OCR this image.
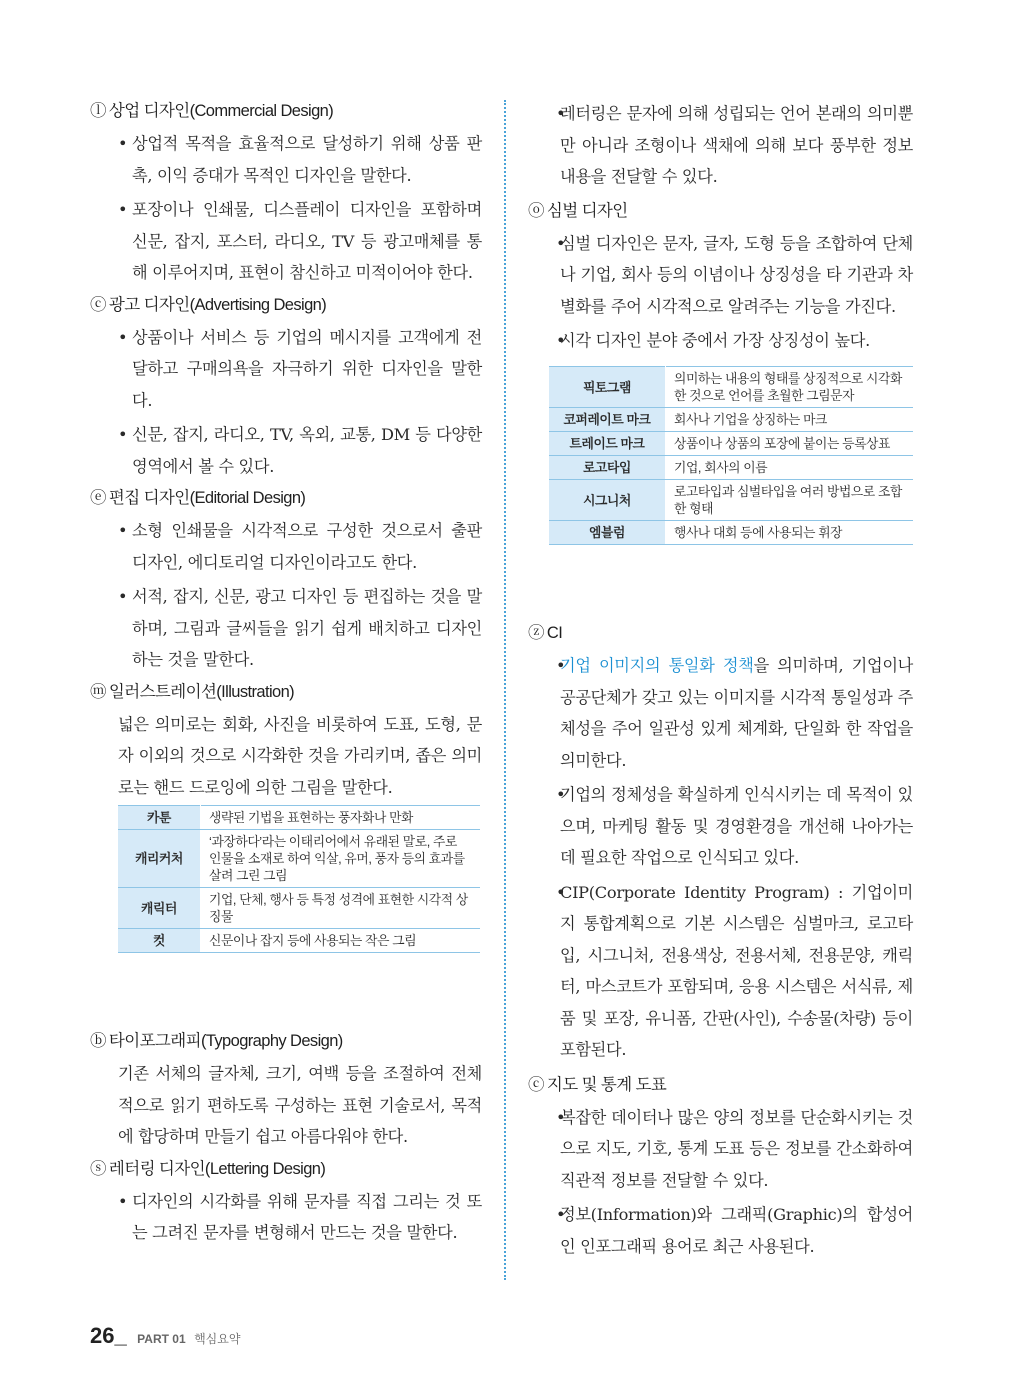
ⓛ 상업 디자인(Commercial Design)
• 상업적 목적을 효율적으로 달성하기 위해 상품 판촉, 이익 증대가 목적인 디자인을 말한다.
• 포장이나 인쇄물, 디스플레이 디자인을 포함하며 신문, 잡지, 포스터, 라디오, TV 등 광고매체를 통해 이루어지며, 표현이 참신하고 미적이어야 한다.
ⓒ 광고 디자인(Advertising Design)
• 상품이나 서비스 등 기업의 메시지를 고객에게 전달하고 구매의욕을 자극하기 위한 디자인을 말한다.
• 신문, 잡지, 라디오, TV, 옥외, 교통, DM 등 다양한 영역에서 볼 수 있다.
ⓔ 편집 디자인(Editorial Design)
• 소형 인쇄물을 시각적으로 구성한 것으로서 출판 디자인, 에디토리얼 디자인이라고도 한다.
• 서적, 잡지, 신문, 광고 디자인 등 편집하는 것을 말하며, 그림과 글씨들을 읽기 쉽게 배치하고 디자인하는 것을 말한다.
ⓜ 일러스트레이션(Illustration)

넓은 의미로는 회화, 사진을 비롯하여 도표, 도형, 문자 이외의 것으로 시각화한 것을 가리키며, 좁은 의미로는 핸드 드로잉에 의한 그림을 말한다.

카툰	생략된 기법을 표현하는 풍자화나 만화
캐리커처	‘과장하다’라는 이태리어에서 유래된 말로, 주로 인물을 소재로 하여 익살, 유머, 풍자 등의 효과를 살려 그린 그림
캐릭터	기업, 단체, 행사 등 특정 성격에 표현한 시각적 상징물
컷	신문이나 잡지 등에 사용되는 작은 그림
ⓑ 타이포그래피(Typography Design)

기존 서체의 글자체, 크기, 여백 등을 조절하여 전체적으로 읽기 편하도록 구성하는 표현 기술로서, 목적에 합당하며 만들기 쉽고 아름다워야 한다.

ⓢ 레터링 디자인(Lettering Design)
• 디자인의 시각화를 위해 문자를 직접 그리는 것 또는 그려진 문자를 변형해서 만드는 것을 말한다.
• 레터링은 문자에 의해 성립되는 언어 본래의 의미뿐만 아니라 조형이나 색채에 의해 보다 풍부한 정보 내용을 전달할 수 있다.
ⓞ 심벌 디자인
• 심벌 디자인은 문자, 글자, 도형 등을 조합하여 단체나 기업, 회사 등의 이념이나 상징성을 타 기관과 차별화를 주어 시각적으로 알려주는 기능을 가진다.
• 시각 디자인 분야 중에서 가장 상징성이 높다.
픽토그램	의미하는 내용의 형태를 상징적으로 시각화한 것으로 언어를 초월한 그림문자
코퍼레이트 마크	회사나 기업을 상징하는 마크
트레이드 마크	상품이나 상품의 포장에 붙이는 등록상표
로고타입	기업, 회사의 이름
시그니처	로고타입과 심벌타입을 여러 방법으로 조합한 형태
엠블럼	행사나 대회 등에 사용되는 휘장
ⓩ CI
• 기업 이미지의 통일화 정책을 의미하며, 기업이나 공공단체가 갖고 있는 이미지를 시각적 통일성과 주체성을 주어 일관성 있게 체계화, 단일화 한 작업을 의미한다.
• 기업의 정체성을 확실하게 인식시키는 데 목적이 있으며, 마케팅 활동 및 경영환경을 개선해 나아가는 데 필요한 작업으로 인식되고 있다.
• CIP(Corporate Identity Program) : 기업이미지 통합계획으로 기본 시스템은 심벌마크, 로고타입, 시그니처, 전용색상, 전용서체, 전용문양, 캐릭터, 마스코트가 포함되며, 응용 시스템은 서식류, 제품 및 포장, 유니폼, 간판(사인), 수송물(차량) 등이 포함된다.
ⓒ 지도 및 통계 도표
• 복잡한 데이터나 많은 양의 정보를 단순화시키는 것으로 지도, 기호, 통계 도표 등은 정보를 간소화하여 직관적 정보를 전달할 수 있다.
• 정보(Information)와 그래픽(Graphic)의 합성어인 인포그래픽 용어로 최근 사용된다.
26_ PART 01 핵심요약
